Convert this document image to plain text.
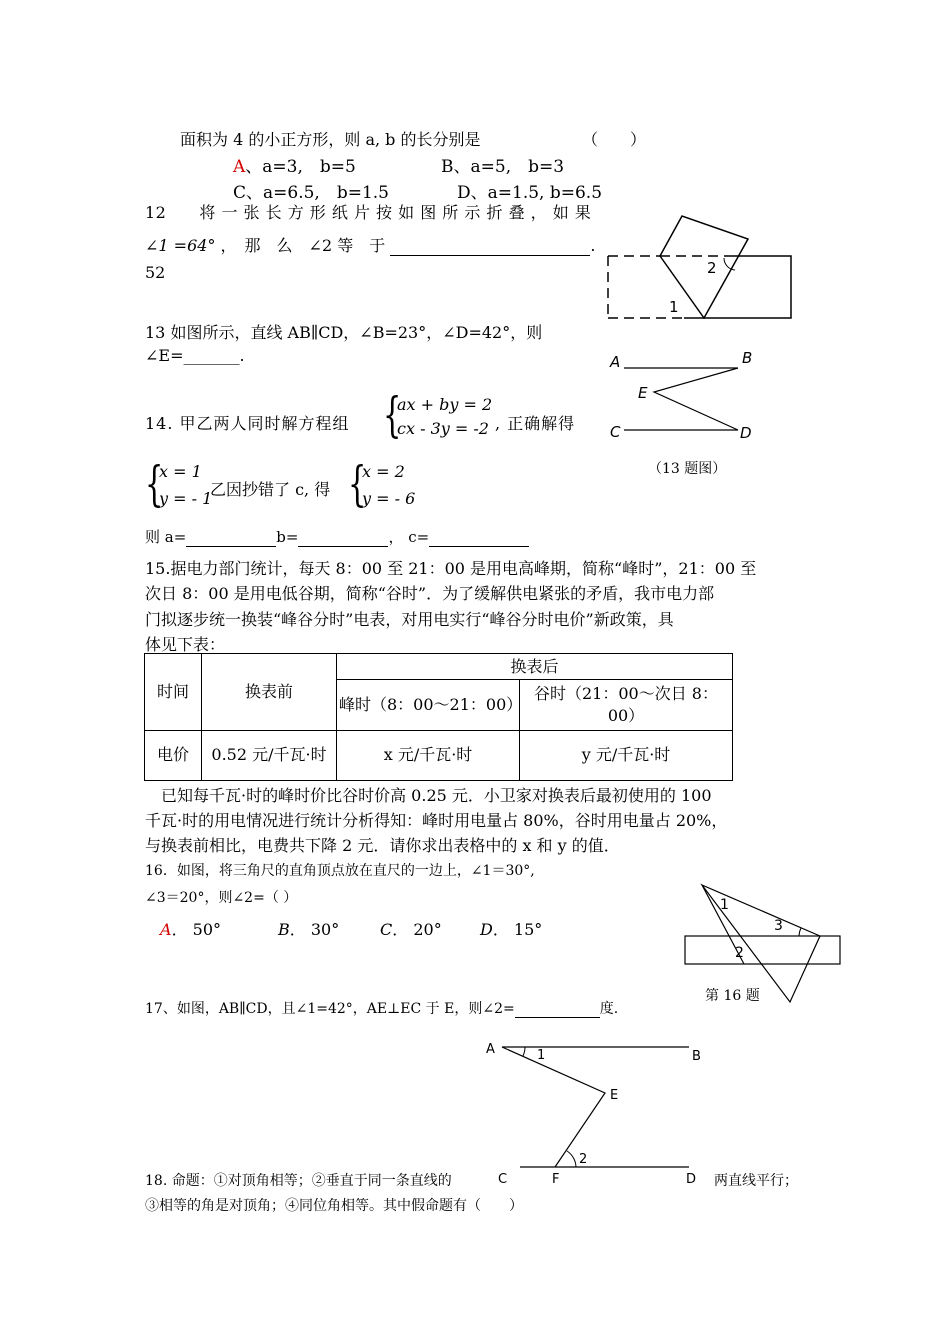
面积为 4 的小正方形，则 a, b 的长分别是	（　　）
A、a=3,　b=5	B、a=5,　b=3
C、a=6.5,　b=1.5	D、a=1.5, b=6.5
12　　将 一 张 长 方 形 纸 片 按 如 图 所 示 折 叠 ， 如 果
∠1 =64° ，　那　么　∠2 等　于	.
52
1
2
13 如图所示，直线 AB∥CD，∠B=23°，∠D=42°，则
∠E=_______.	A	B
E
C	D
（13 题图）
14. 甲乙两人同时解方程组 {
ax + by = 2
cx - 3y = -2 , 正确解得
{
x = 1
y = - 1
乙因抄错了 c, 得 {
x = 2
y = - 6
则 a=	b=	， c=
15.据电力部门统计，每天 8：00 至 21：00 是用电高峰期，简称“峰时”，21：00 至
次日 8：00 是用电低谷期，简称“谷时”．为了缓解供电紧张的矛盾，我市电力部
门拟逐步统一换装“峰谷分时”电表，对用电实行“峰谷分时电价”新政策，具
体见下表：
时间	换表前	换表后	
		峰时（8：00～21：00）	谷时（21：00～次日 8：00）
电价	0.52 元/千瓦·时	x 元/千瓦·时	y 元/千瓦·时
　已知每千瓦·时的峰时价比谷时价高 0.25 元．小卫家对换表后最初使用的 100
千瓦·时的用电情况进行统计分析得知：峰时用电量占 80%，谷时用电量占 20%，
与换表前相比，电费共下降 2 元．请你求出表格中的 x 和 y 的值．
16．如图，将三角尺的直角顶点放在直尺的一边上，∠1＝30°,
∠3＝20°，则∠2=（ ）
A． 50°	B． 30°	C． 20° D． 15°
1
3
2
第 16 题
17、如图，AB∥CD，且∠1=42°，AE⊥EC 于 E，则∠2=	度.
A	B
E
1
2
C	F	D
18. 命题：①对顶角相等；②垂直于同一条直线的	两直线平行；
③相等的角是对顶角；④同位角相等。其中假命题有（　　）
